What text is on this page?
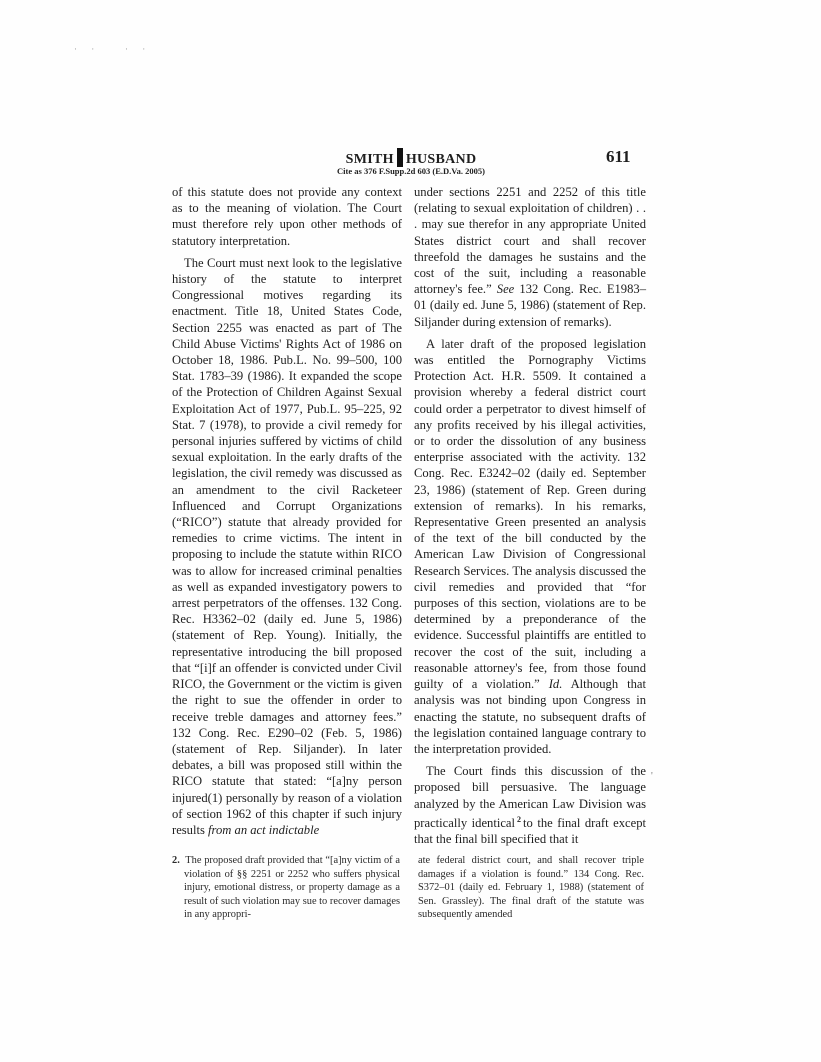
· ·   · ·
SMITH HUSBAND
Cite as 376 F.Supp.2d 603 (E.D.Va. 2005)
611

of this statute does not provide any context as to the meaning of violation. The Court must therefore rely upon other methods of statutory interpretation.

The Court must next look to the legislative history of the statute to interpret Congressional motives regarding its enactment. Title 18, United States Code, Section 2255 was enacted as part of The Child Abuse Victims' Rights Act of 1986 on October 18, 1986. Pub.L. No. 99–500, 100 Stat. 1783–39 (1986). It expanded the scope of the Protection of Children Against Sexual Exploitation Act of 1977, Pub.L. 95–225, 92 Stat. 7 (1978), to provide a civil remedy for personal injuries suffered by victims of child sexual exploitation. In the early drafts of the legislation, the civil remedy was discussed as an amendment to the civil Racketeer Influenced and Corrupt Organizations (“RICO”) statute that already provided for remedies to crime victims. The intent in proposing to include the statute within RICO was to allow for increased criminal penalties as well as expanded investigatory powers to arrest perpetrators of the offenses. 132 Cong. Rec. H3362–02 (daily ed. June 5, 1986) (statement of Rep. Young). Initially, the representative introducing the bill proposed that “[i]f an offender is convicted under Civil RICO, the Government or the victim is given the right to sue the offender in order to receive treble damages and attorney fees.” 132 Cong. Rec. E290–02 (Feb. 5, 1986) (statement of Rep. Siljander). In later debates, a bill was proposed still within the RICO statute that stated: “[a]ny person injured(1) personally by reason of a violation of section 1962 of this chapter if such injury results from an act indictable

under sections 2251 and 2252 of this title (relating to sexual exploitation of children) . . . may sue therefor in any appropriate United States district court and shall recover threefold the damages he sustains and the cost of the suit, including a reasonable attorney's fee.” See 132 Cong. Rec. E1983–01 (daily ed. June 5, 1986) (statement of Rep. Siljander during extension of remarks).

A later draft of the proposed legislation was entitled the Pornography Victims Protection Act. H.R. 5509. It contained a provision whereby a federal district court could order a perpetrator to divest himself of any profits received by his illegal activities, or to order the dissolution of any business enterprise associated with the activity. 132 Cong. Rec. E3242–02 (daily ed. September 23, 1986) (statement of Rep. Green during extension of remarks). In his remarks, Representative Green presented an analysis of the text of the bill conducted by the American Law Division of Congressional Research Services. The analysis discussed the civil remedies and provided that “for purposes of this section, violations are to be determined by a preponderance of the evidence. Successful plaintiffs are entitled to recover the cost of the suit, including a reasonable attorney's fee, from those found guilty of a violation.” Id. Although that analysis was not binding upon Congress in enacting the statute, no subsequent drafts of the legislation contained language contrary to the interpretation provided.

The Court finds this discussion of the proposed bill persuasive. The language analyzed by the American Law Division was practically identical $^2$ to the final draft except that the final bill specified that it

2. The proposed draft provided that “[a]ny victim of a violation of §§ 2251 or 2252 who suffers physical injury, emotional distress, or property damage as a result of such violation may sue to recover damages in any appropri-

ate federal district court, and shall recover triple damages if a violation is found.” 134 Cong. Rec. S372–01 (daily ed. February 1, 1988) (statement of Sen. Grassley). The final draft of the statute was subsequently amended

'
